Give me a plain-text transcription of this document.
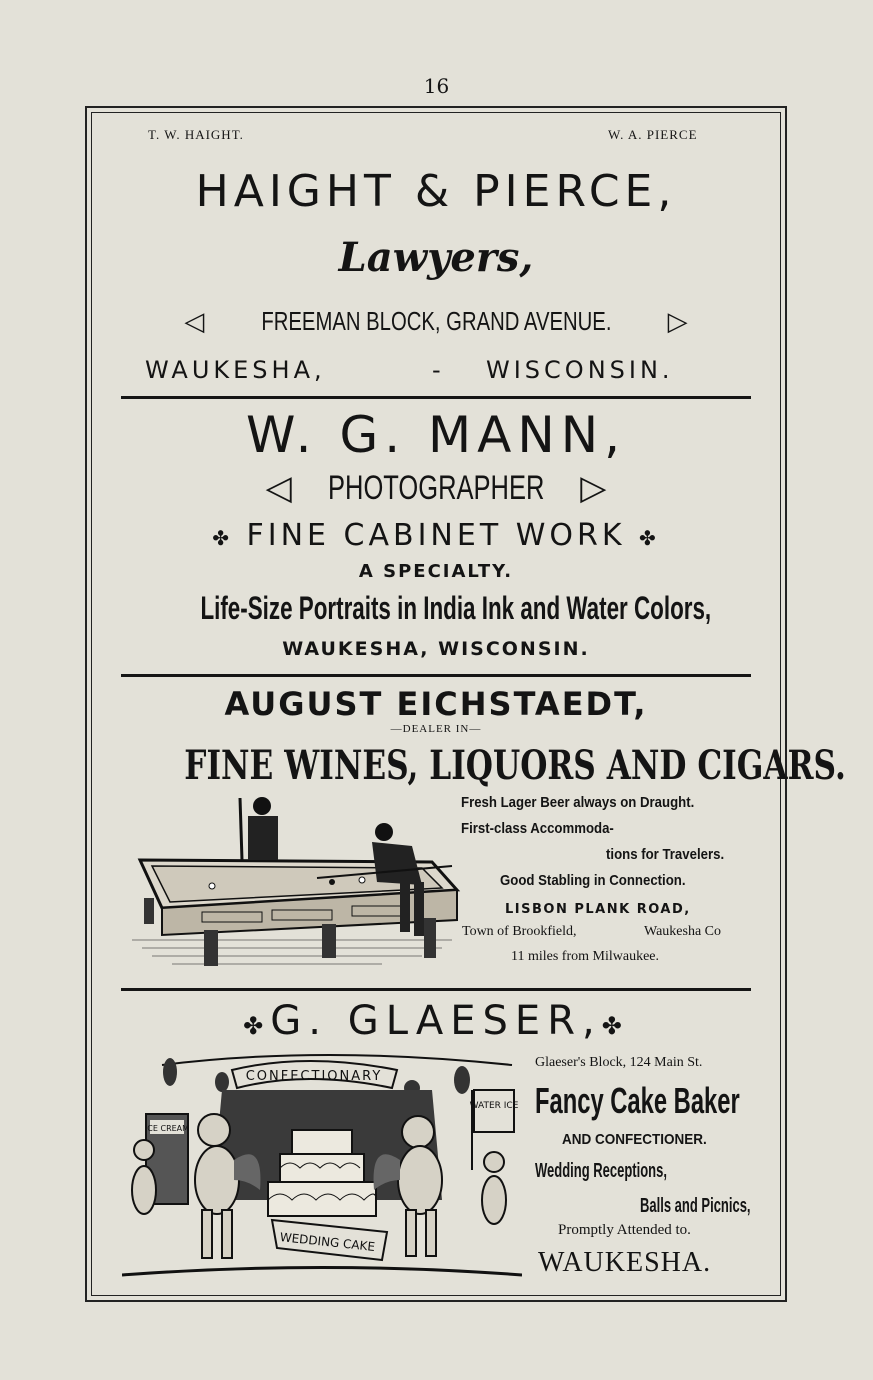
16
T. W. HAIGHT.	W. A. PIERCE
HAIGHT & PIERCE,
Lawyers,
◁ FREEMAN BLOCK, GRAND AVENUE. ▷
WAUKESHA,	- WISCONSIN.
W. G. MANN,
◁ PHOTOGRAPHER ▷
✤ FINE CABINET WORK ✤
A SPECIALTY.
Life-Size Portraits in India Ink and Water Colors,
WAUKESHA, WISCONSIN.
AUGUST EICHSTAEDT,
—DEALER IN—
FINE WINES, LIQUORS AND CIGARS.
Fresh Lager Beer always on Draught.
First-class Accommoda-
tions for Travelers.
Good Stabling in Connection.
LISBON PLANK ROAD,
Town of Brookfield,	Waukesha Co
11 miles from Milwaukee.
✤G. GLAESER,✤
CONFECTIONARY
ICE CREAM
WATER ICE
WEDDING CAKE
Glaeser's Block, 124 Main St.
Fancy Cake Baker
AND CONFECTIONER.
Wedding Receptions,
Balls and Picnics,
Promptly Attended to.
WAUKESHA.
